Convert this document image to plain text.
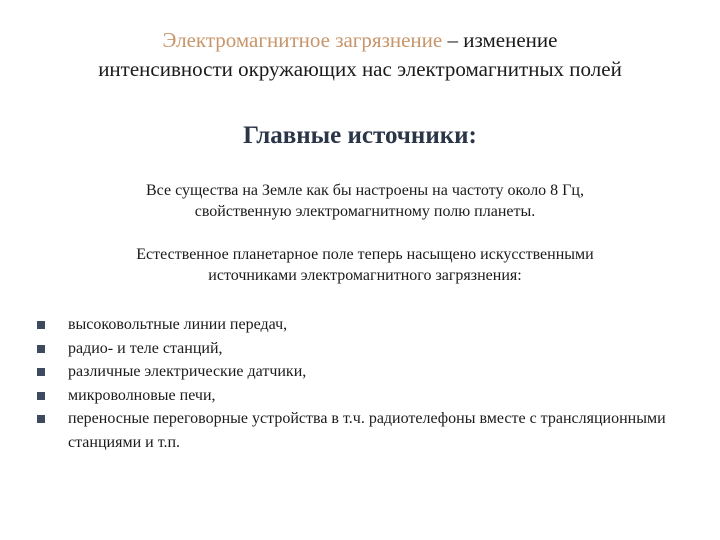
Электромагнитное загрязнение – изменение
интенсивности окружающих нас электромагнитных полей
Главные источники:
Все существа на Земле как бы настроены на частоту около 8 Гц,
свойственную электромагнитному полю планеты.
Естественное планетарное поле теперь насыщено искусственными
источниками электромагнитного загрязнения:
высоковольтные линии передач,
радио- и теле станций,
различные электрические датчики,
микроволновые печи,
переносные переговорные устройства в т.ч. радиотелефоны вместе с трансляционными станциями и т.п.
